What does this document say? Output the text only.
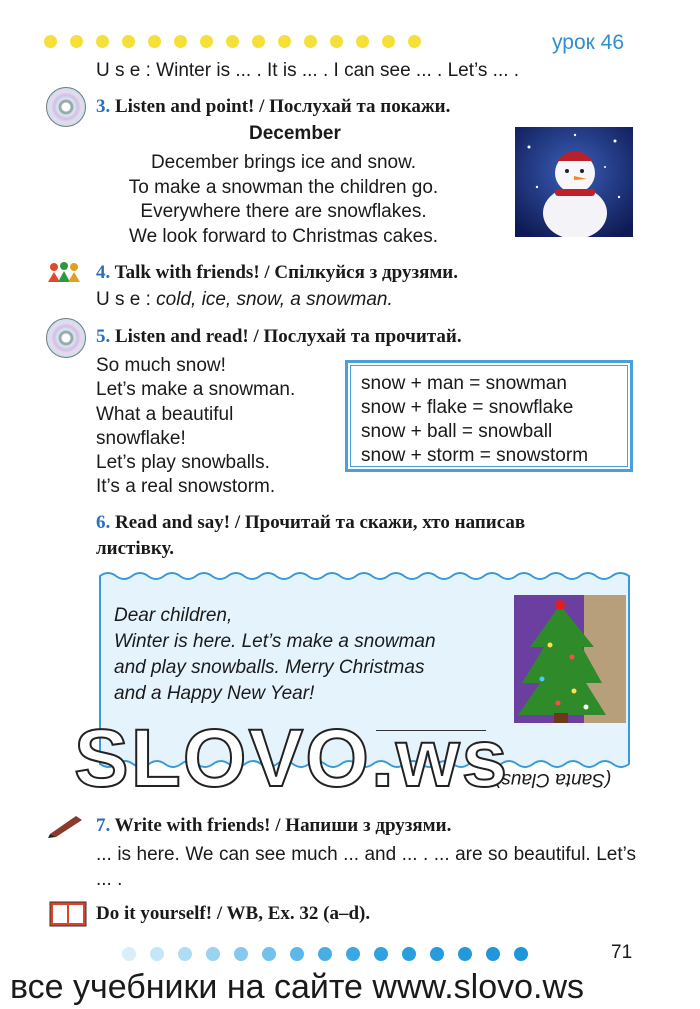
урок 46
U s e : Winter is ... . It is ... . I can see ... . Let’s ... .
3. Listen and point! / Послухай та покажи.
December
December brings ice and snow.
To make a snowman the children go.
Everywhere there are snowflakes.
We look forward to Christmas cakes.
4. Talk with friends! / Спілкуйся з друзями.
U s e : cold, ice, snow, a snowman.
5. Listen and read! / Послухай та прочитай.
So much snow!
Let’s make a snowman.
What a beautiful
snowflake!
Let’s play snowballs.
It’s a real snowstorm.
snow + man = snowman
snow + flake = snowflake
snow + ball = snowball
snow + storm = snowstorm
6. Read and say! / Прочитай та скажи, хто написав
листівку.
Dear children,
Winter is here. Let’s make a snowman
and play snowballs. Merry Christmas
and a Happy New Year!
(Santa Claus)
SLOVO.ws
7. Write with friends! / Напиши з друзями.
... is here. We can see much ... and ... . ... are so beautiful. Let’s ... .
Do it yourself! / WB, Ex. 32 (a–d).
71
все учебники на сайте www.slovo.ws
